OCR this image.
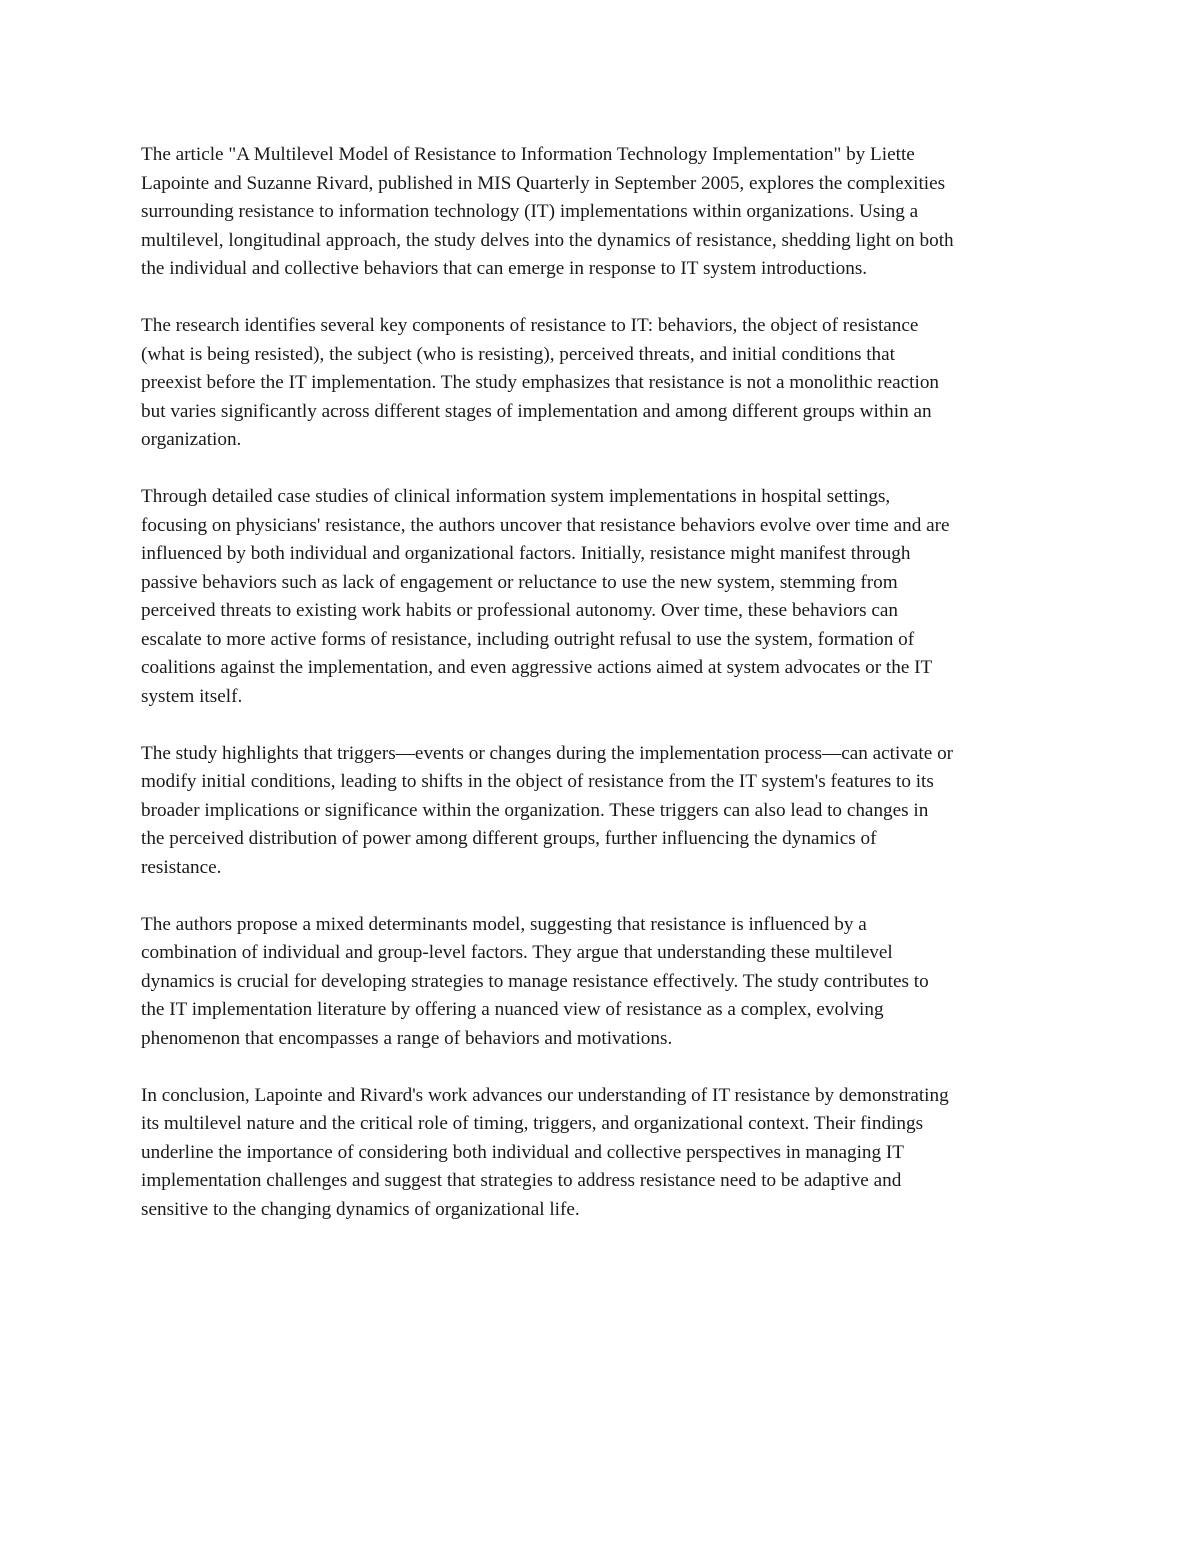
The article "A Multilevel Model of Resistance to Information Technology Implementation" by Liette
Lapointe and Suzanne Rivard, published in MIS Quarterly in September 2005, explores the complexities
surrounding resistance to information technology (IT) implementations within organizations. Using a
multilevel, longitudinal approach, the study delves into the dynamics of resistance, shedding light on both
the individual and collective behaviors that can emerge in response to IT system introductions.

The research identifies several key components of resistance to IT: behaviors, the object of resistance
(what is being resisted), the subject (who is resisting), perceived threats, and initial conditions that
preexist before the IT implementation. The study emphasizes that resistance is not a monolithic reaction
but varies significantly across different stages of implementation and among different groups within an
organization.

Through detailed case studies of clinical information system implementations in hospital settings,
focusing on physicians' resistance, the authors uncover that resistance behaviors evolve over time and are
influenced by both individual and organizational factors. Initially, resistance might manifest through
passive behaviors such as lack of engagement or reluctance to use the new system, stemming from
perceived threats to existing work habits or professional autonomy. Over time, these behaviors can
escalate to more active forms of resistance, including outright refusal to use the system, formation of
coalitions against the implementation, and even aggressive actions aimed at system advocates or the IT
system itself.

The study highlights that triggers—events or changes during the implementation process—can activate or
modify initial conditions, leading to shifts in the object of resistance from the IT system's features to its
broader implications or significance within the organization. These triggers can also lead to changes in
the perceived distribution of power among different groups, further influencing the dynamics of
resistance.

The authors propose a mixed determinants model, suggesting that resistance is influenced by a
combination of individual and group-level factors. They argue that understanding these multilevel
dynamics is crucial for developing strategies to manage resistance effectively. The study contributes to
the IT implementation literature by offering a nuanced view of resistance as a complex, evolving
phenomenon that encompasses a range of behaviors and motivations.

In conclusion, Lapointe and Rivard's work advances our understanding of IT resistance by demonstrating
its multilevel nature and the critical role of timing, triggers, and organizational context. Their findings
underline the importance of considering both individual and collective perspectives in managing IT
implementation challenges and suggest that strategies to address resistance need to be adaptive and
sensitive to the changing dynamics of organizational life.
